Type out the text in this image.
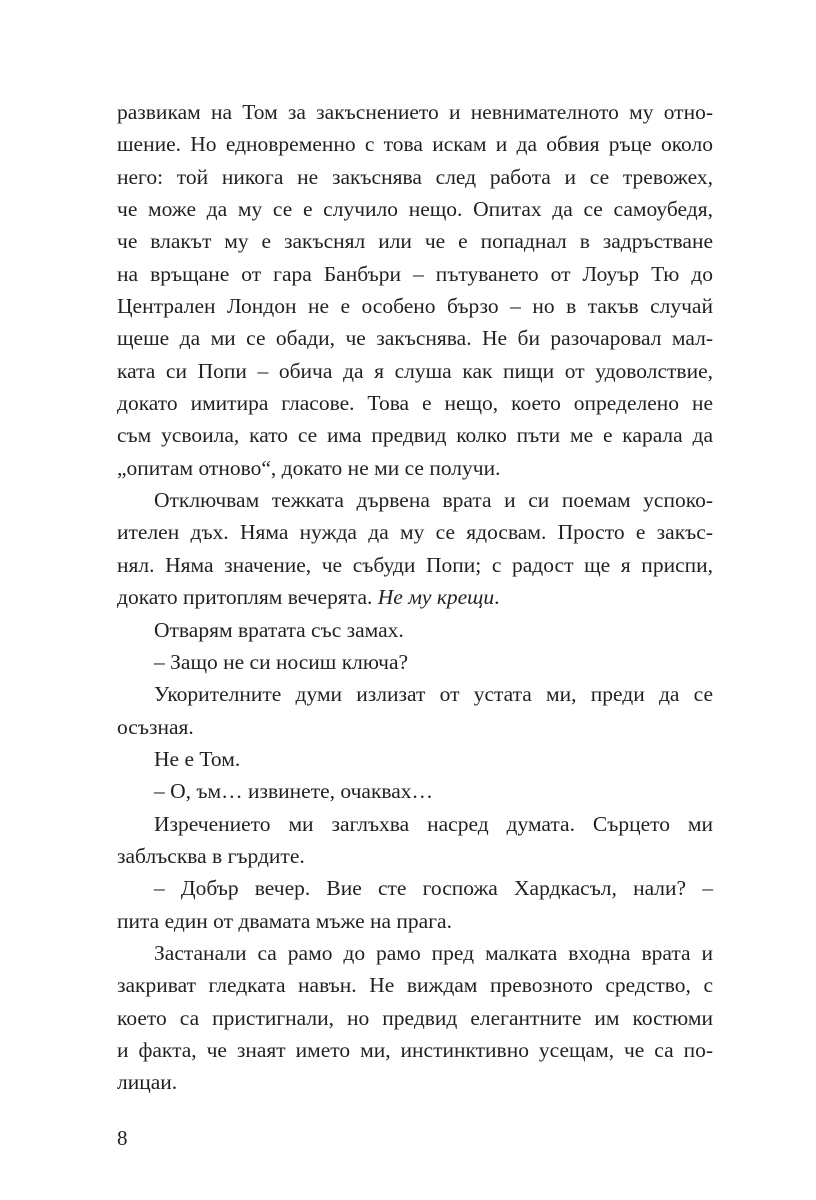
развикам на Том за закъснението и невнимателното му отно-
шение. Но едновременно с това искам и да обвия ръце около
него: той никога не закъснява след работа и се тревожех,
че може да му се е случило нещо. Опитах да се самоубедя,
че влакът му е закъснял или че е попаднал в задръстване
на връщане от гара Банбъри – пътуването от Лоуър Тю до
Централен Лондон не е особено бързо – но в такъв случай
щеше да ми се обади, че закъснява. Не би разочаровал мал-
ката си Попи – обича да я слуша как пищи от удоволствие,
докато имитира гласове. Това е нещо, което определено не
съм усвоила, като се има предвид колко пъти ме е карала да
„опитам отново“, докато не ми се получи.
Отключвам тежката дървена врата и си поемам успоко-
ителен дъх. Няма нужда да му се ядосвам. Просто е закъс-
нял. Няма значение, че събуди Попи; с радост ще я приспи,
докато притоплям вечерята. Не му крещи.
Отварям вратата със замах.
– Защо не си носиш ключа?
Укорителните думи излизат от устата ми, преди да се
осъзная.
Не е Том.
– О, ъм… извинете, очаквах…
Изречението ми заглъхва насред думата. Сърцето ми
заблъсква в гърдите.
– Добър вечер. Вие сте госпожа Хардкасъл, нали? –
пита един от двамата мъже на прага.
Застанали са рамо до рамо пред малката входна врата и
закриват гледката навън. Не виждам превозното средство, с
което са пристигнали, но предвид елегантните им костюми
и факта, че знаят името ми, инстинктивно усещам, че са по-
лицаи.
8
